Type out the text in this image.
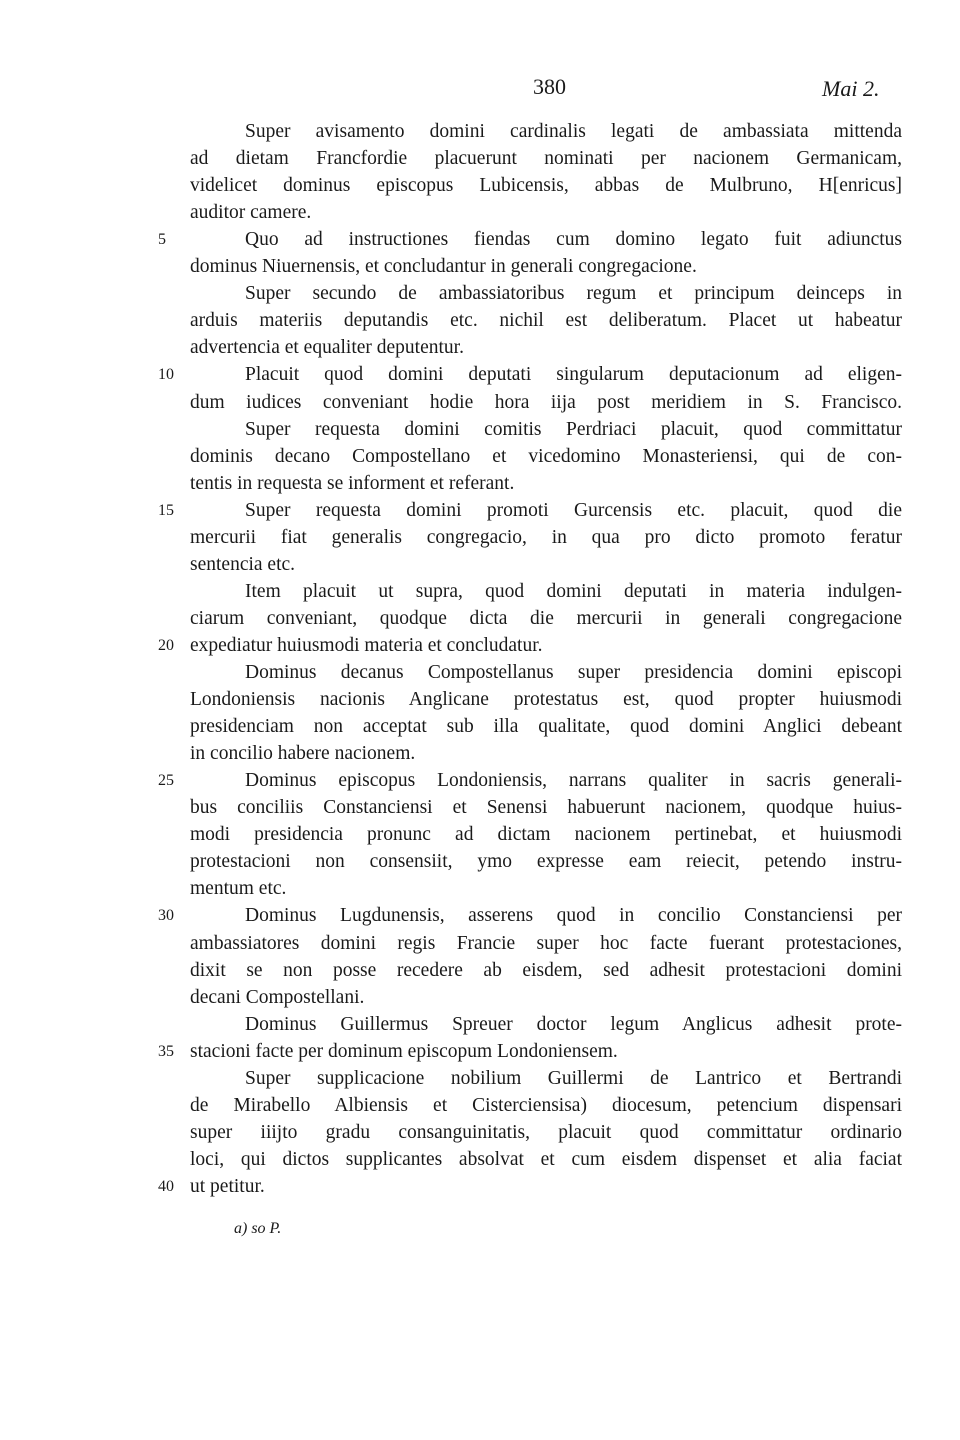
380	Mai 2.
Super avisamento domini cardinalis legati de ambassiata mittenda
ad dietam Francfordie placuerunt nominati per nacionem Germanicam,
videlicet dominus episcopus Lubicensis, abbas de Mulbruno, H[enricus]
auditor camere.
Quo ad instructiones fiendas cum domino legato fuit adiunctus
5
dominus Niuernensis, et concludantur in generali congregacione.
Super secundo de ambassiatoribus regum et principum deinceps in
arduis materiis deputandis etc. nichil est deliberatum. Placet ut habeatur
advertencia et equaliter deputentur.
Placuit quod domini deputati singularum deputacionum ad eligen-
10
dum iudices conveniant hodie hora iija post meridiem in S. Francisco.
Super requesta domini comitis Perdriaci placuit, quod committatur
dominis decano Compostellano et vicedomino Monasteriensi, qui de con-
tentis in requesta se informent et referant.
Super requesta domini promoti Gurcensis etc. placuit, quod die
15
mercurii fiat generalis congregacio, in qua pro dicto promoto feratur
sentencia etc.
Item placuit ut supra, quod domini deputati in materia indulgen-
ciarum conveniant, quodque dicta die mercurii in generali congregacione
expediatur huiusmodi materia et concludatur.
20
Dominus decanus Compostellanus super presidencia domini episcopi
Londoniensis nacionis Anglicane protestatus est, quod propter huiusmodi
presidenciam non acceptat sub illa qualitate, quod domini Anglici debeant
in concilio habere nacionem.
Dominus episcopus Londoniensis, narrans qualiter in sacris generali-
25
bus conciliis Constanciensi et Senensi habuerunt nacionem, quodque huius-
modi presidencia pronunc ad dictam nacionem pertinebat, et huiusmodi
protestacioni non consensiit, ymo expresse eam reiecit, petendo instru-
mentum etc.
Dominus Lugdunensis, asserens quod in concilio Constanciensi per
30
ambassiatores domini regis Francie super hoc facte fuerant protestaciones,
dixit se non posse recedere ab eisdem, sed adhesit protestacioni domini
decani Compostellani.
Dominus Guillermus Spreuer doctor legum Anglicus adhesit prote-
stacioni facte per dominum episcopum Londoniensem.
35
Super supplicacione nobilium Guillermi de Lantrico et Bertrandi
de Mirabello Albiensis et Cisterciensisa) diocesum, petencium dispensari
super iiijto gradu consanguinitatis, placuit quod committatur ordinario
loci, qui dictos supplicantes absolvat et cum eisdem dispenset et alia faciat
ut petitur.
40
a) so P.
